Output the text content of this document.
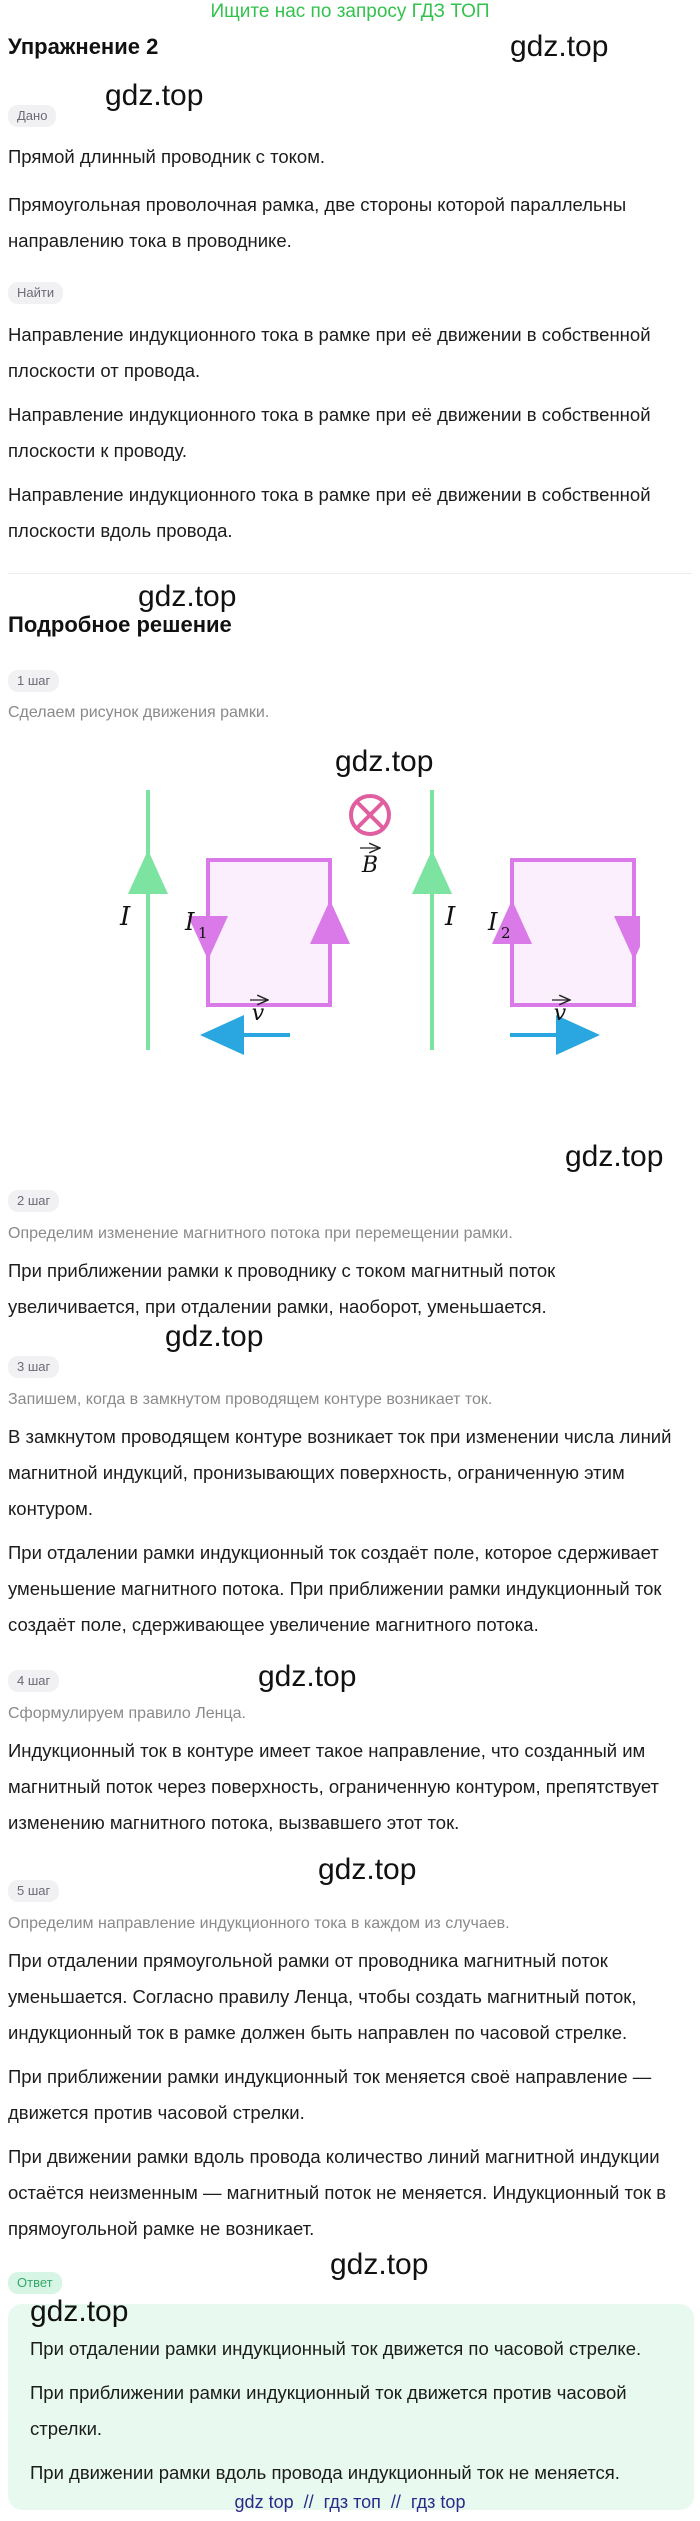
Ищите нас по запросу ГДЗ ТОП
gdz.top
gdz.top
gdz.top
gdz.top
gdz.top
gdz.top
gdz.top
gdz.top
gdz.top
Упражнение 2
Дано
Прямой длинный проводник с током.
Прямоугольная проволочная рамка, две стороны которой параллельны
направлению тока в проводнике.
Найти
Направление индукционного тока в рамке при её движении в собственной
плоскости от провода.
Направление индукционного тока в рамке при её движении в собственной
плоскости к проводу.
Направление индукционного тока в рамке при её движении в собственной
плоскости вдоль провода.
Подробное решение
1 шаг
Сделаем рисунок движения рамки.
I I 1
v
B
I I 2
v
2 шаг
Определим изменение магнитного потока при перемещении рамки.
При приближении рамки к проводнику с током магнитный поток
увеличивается, при отдалении рамки, наоборот, уменьшается.
3 шаг
Запишем, когда в замкнутом проводящем контуре возникает ток.
В замкнутом проводящем контуре возникает ток при изменении числа линий
магнитной индукций, пронизывающих поверхность, ограниченную этим
контуром.
При отдалении рамки индукционный ток создаёт поле, которое сдерживает
уменьшение магнитного потока. При приближении рамки индукционный ток
создаёт поле, сдерживающее увеличение магнитного потока.
4 шаг
Сформулируем правило Ленца.
Индукционный ток в контуре имеет такое направление, что созданный им
магнитный поток через поверхность, ограниченную контуром, препятствует
изменению магнитного потока, вызвавшего этот ток.
5 шаг
Определим направление индукционного тока в каждом из случаев.
При отдалении прямоугольной рамки от проводника магнитный поток
уменьшается. Согласно правилу Ленца, чтобы создать магнитный поток,
индукционный ток в рамке должен быть направлен по часовой стрелке.
При приближении рамки индукционный ток меняется своё направление —
движется против часовой стрелки.
При движении рамки вдоль провода количество линий магнитной индукции
остаётся неизменным — магнитный поток не меняется. Индукционный ток в
прямоугольной рамке не возникает.
Ответ
gdz.top
При отдалении рамки индукционный ток движется по часовой стрелке.
При приближении рамки индукционный ток движется против часовой
стрелки.
При движении рамки вдоль провода индукционный ток не меняется.
gdz top  //  гдз топ  //  гдз top
